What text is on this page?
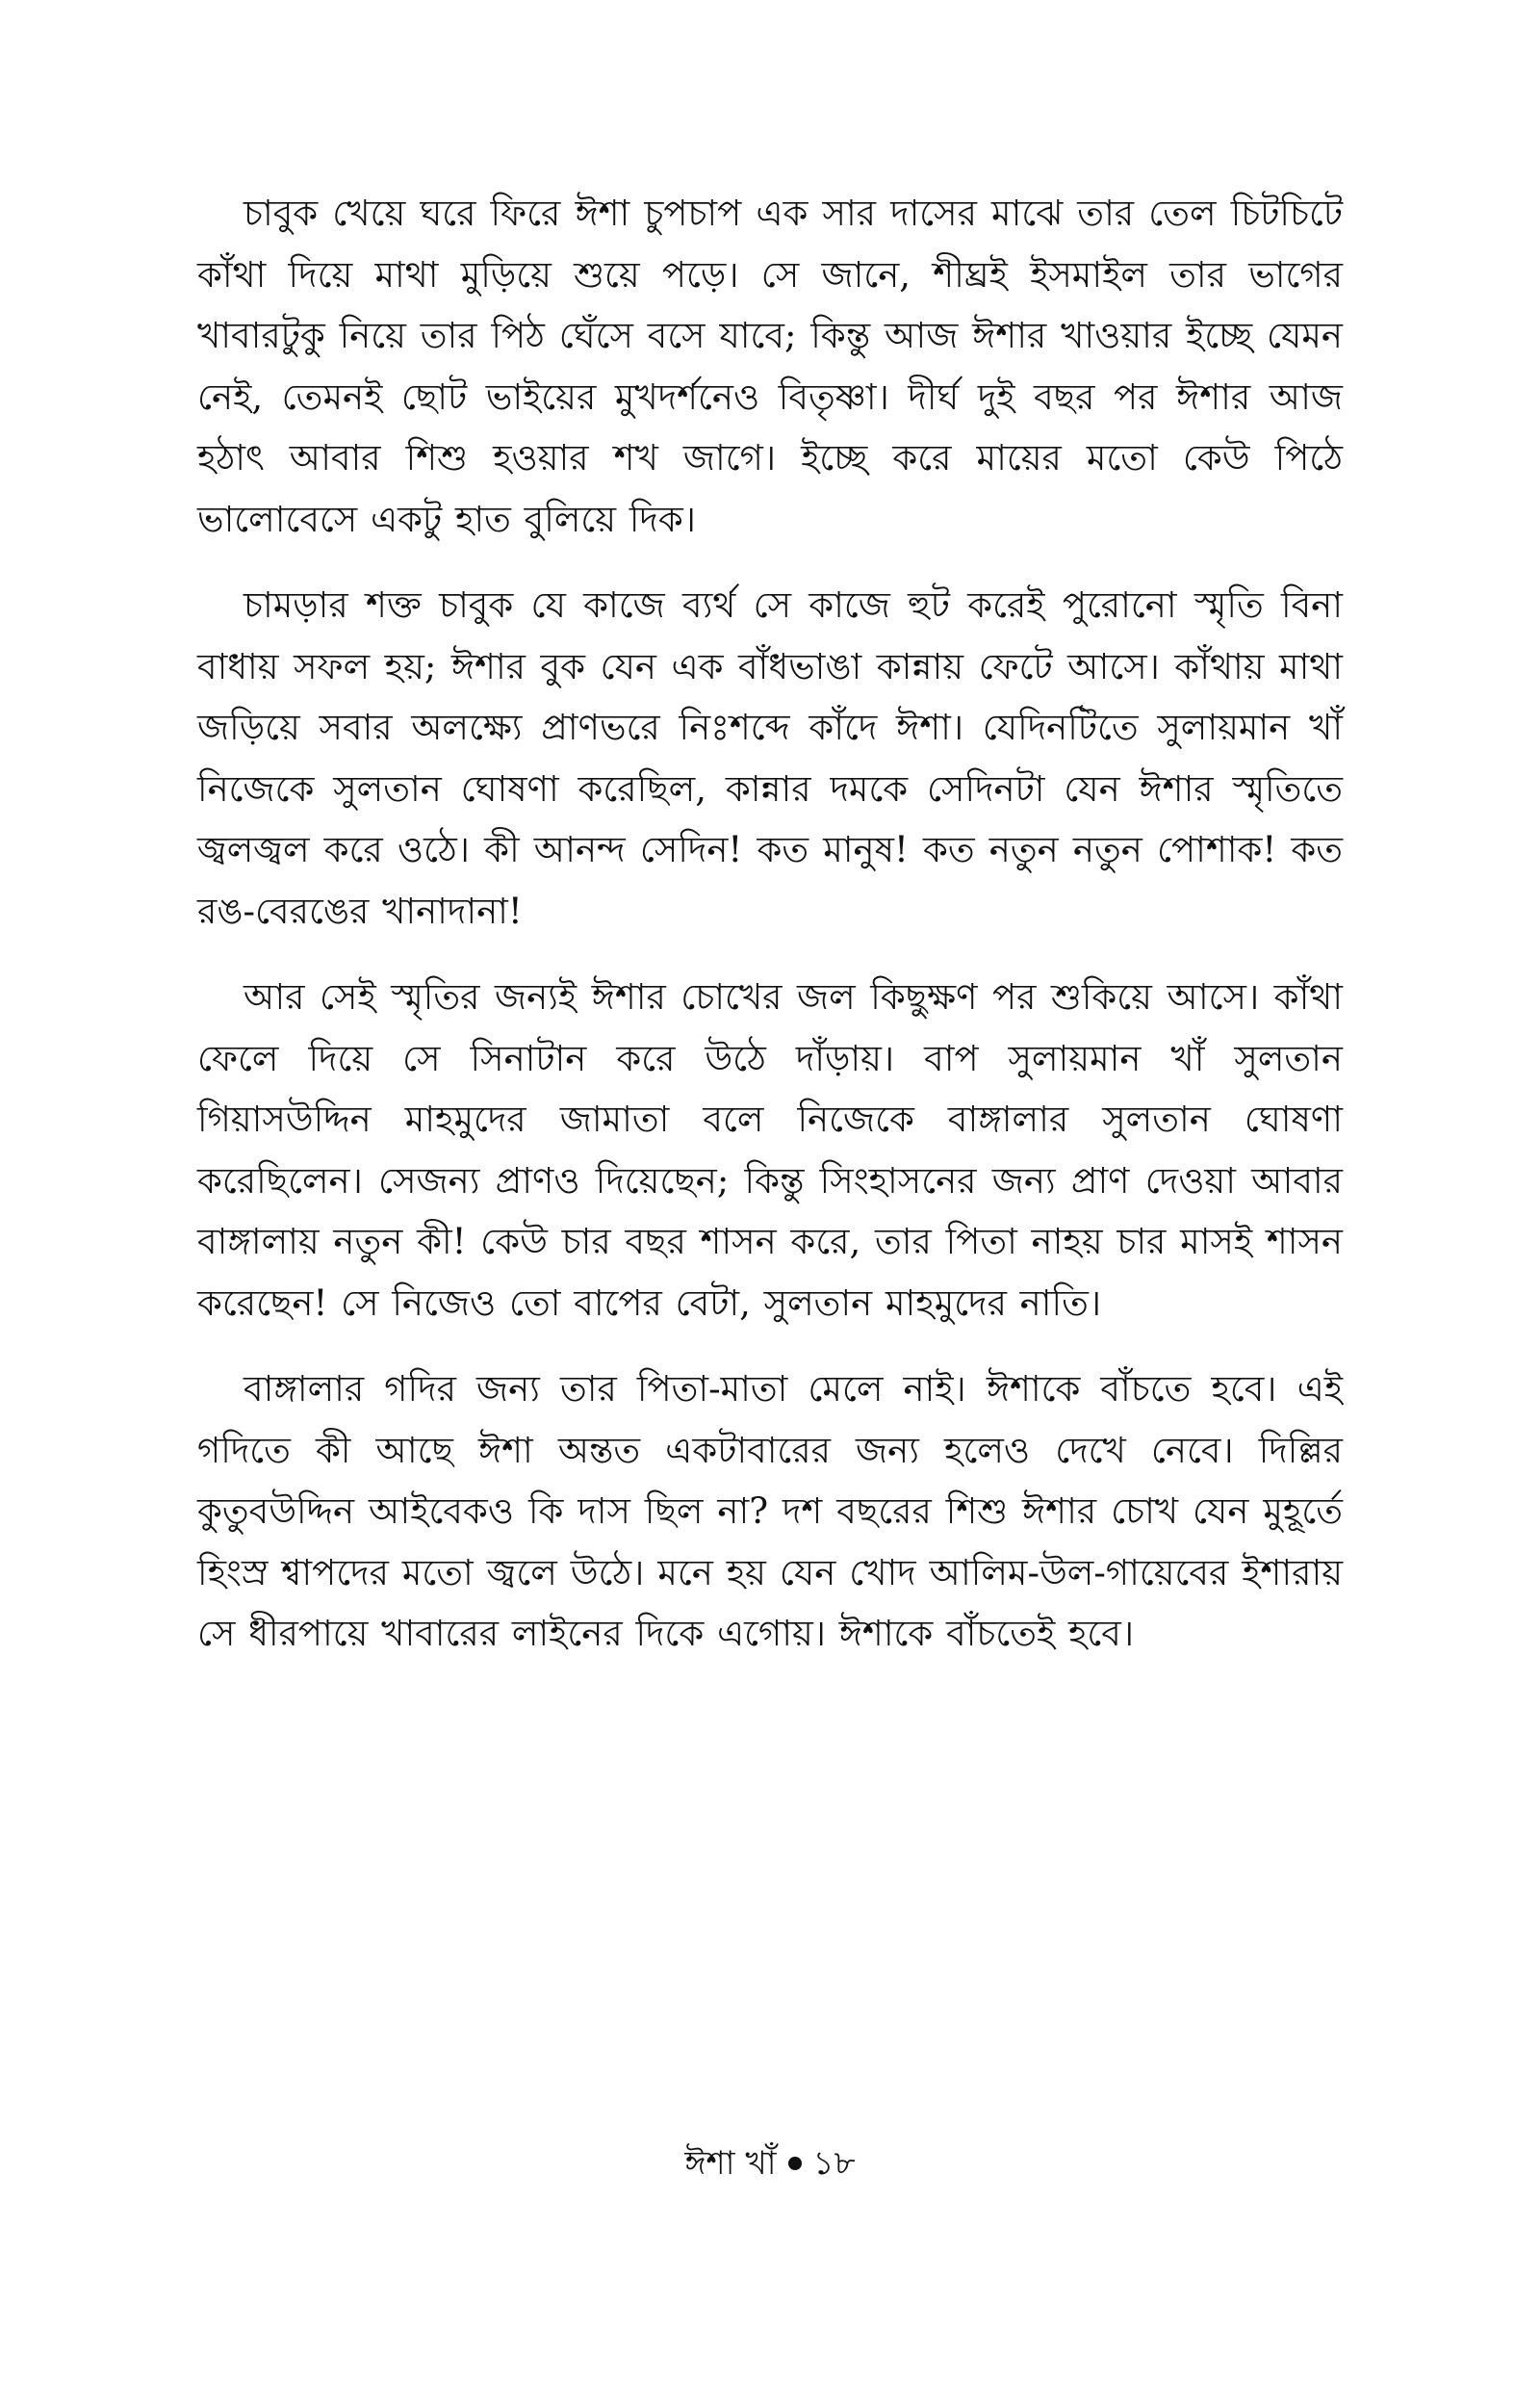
চাবুক খেয়ে ঘরে ফিরে ঈশা চুপচাপ এক সার দাসের মাঝে তার তেল চিটচিটে কাঁথা দিয়ে মাথা মুড়িয়ে শুয়ে পড়ে। সে জানে, শীঘ্রই ইসমাইল তার ভাগের খাবারটুকু নিয়ে তার পিঠ ঘেঁসে বসে যাবে; কিন্তু আজ ঈশার খাওয়ার ইচ্ছে যেমন নেই, তেমনই ছোট ভাইয়ের মুখদর্শনেও বিতৃষ্ণা। দীর্ঘ দুই বছর পর ঈশার আজ হঠাৎ আবার শিশু হওয়ার শখ জাগে। ইচ্ছে করে মায়ের মতো কেউ পিঠে ভালোবেসে একটু হাত বুলিয়ে দিক।

চামড়ার শক্ত চাবুক যে কাজে ব্যর্থ সে কাজে হুট করেই পুরোনো স্মৃতি বিনা বাধায় সফল হয়; ঈশার বুক যেন এক বাঁধভাঙা কান্নায় ফেটে আসে। কাঁথায় মাথা জড়িয়ে সবার অলক্ষ্যে প্রাণভরে নিঃশব্দে কাঁদে ঈশা। যেদিনটিতে সুলায়মান খাঁ নিজেকে সুলতান ঘোষণা করেছিল, কান্নার দমকে সেদিনটা যেন ঈশার স্মৃতিতে জ্বলজ্বল করে ওঠে। কী আনন্দ সেদিন! কত মানুষ! কত নতুন নতুন পোশাক! কত রঙ-বেরঙের খানাদানা!

আর সেই স্মৃতির জন্যই ঈশার চোখের জল কিছুক্ষণ পর শুকিয়ে আসে। কাঁথা ফেলে দিয়ে সে সিনাটান করে উঠে দাঁড়ায়। বাপ সুলায়মান খাঁ সুলতান গিয়াসউদ্দিন মাহমুদের জামাতা বলে নিজেকে বাঙ্গালার সুলতান ঘোষণা করেছিলেন। সেজন্য প্রাণও দিয়েছেন; কিন্তু সিংহাসনের জন্য প্রাণ দেওয়া আবার বাঙ্গালায় নতুন কী! কেউ চার বছর শাসন করে, তার পিতা নাহয় চার মাসই শাসন করেছেন! সে নিজেও তো বাপের বেটা, সুলতান মাহমুদের নাতি।

বাঙ্গালার গদির জন্য তার পিতা-মাতা মেলে নাই। ঈশাকে বাঁচতে হবে। এই গদিতে কী আছে ঈশা অন্তত একটাবারের জন্য হলেও দেখে নেবে। দিল্লির কুতুবউদ্দিন আইবেকও কি দাস ছিল না? দশ বছরের শিশু ঈশার চোখ যেন মুহূর্তে হিংস্র শ্বাপদের মতো জ্বলে উঠে। মনে হয় যেন খোদ আলিম-উল-গায়েবের ইশারায় সে ধীরপায়ে খাবারের লাইনের দিকে এগোয়। ঈশাকে বাঁচতেই হবে।

ঈশা খাঁ ১৮
